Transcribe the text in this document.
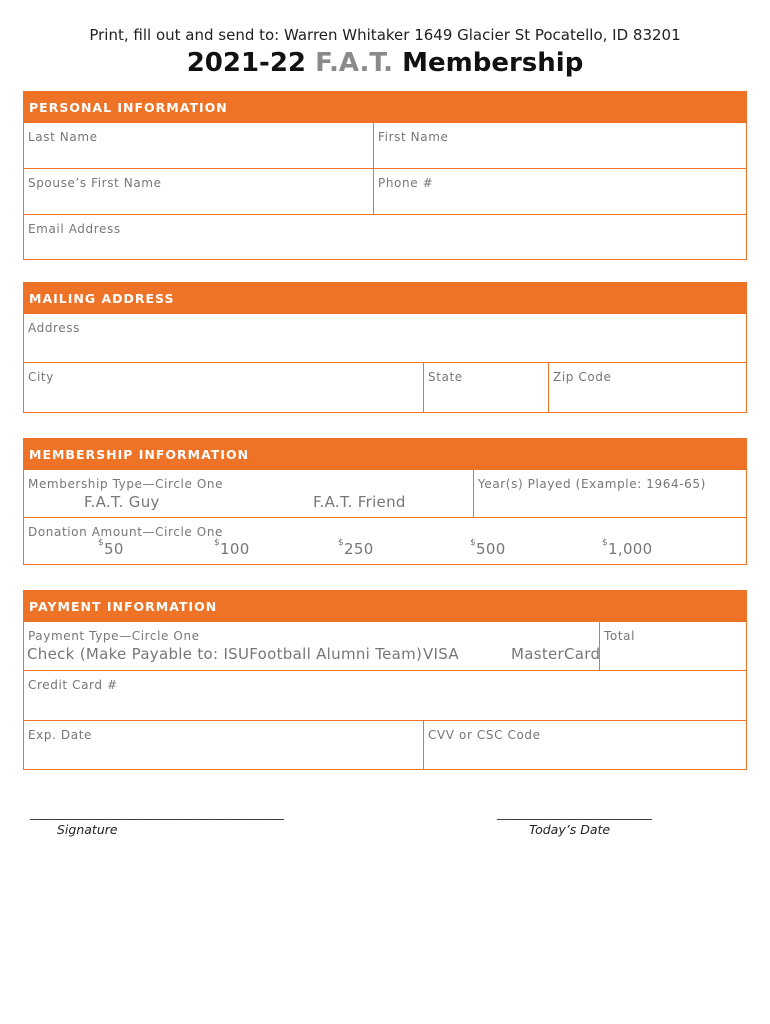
Print, fill out and send to: Warren Whitaker 1649 Glacier St Pocatello, ID 83201
2021-22 F.A.T. Membership
PERSONAL INFORMATION
Last Name	First Name
Spouse’s First Name	Phone #
Email Address
MAILING ADDRESS
Address
City	State	Zip Code
MEMBERSHIP INFORMATION
Membership Type—Circle One
F.A.T. Guy	F.A.T. Friend
Year(s) Played (Example: 1964-65)
Donation Amount—Circle One
$50	$100	$250	$500	$1,000
PAYMENT INFORMATION
Payment Type—Circle One
Check (Make Payable to: ISUFootball Alumni Team) VISA	MasterCard
Total
Credit Card #
Exp. Date	CVV or CSC Code
______________________________________________
Signature
____________________________
Today’s Date
